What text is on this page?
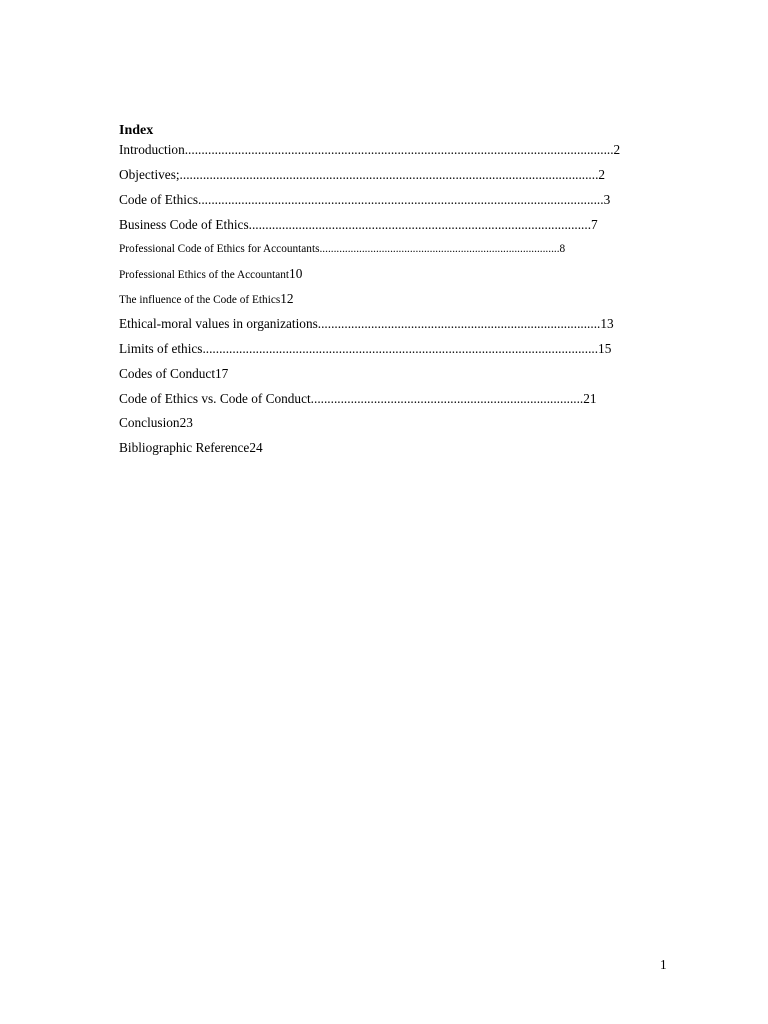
Index
Introduction.................................................................................................................................2
Objectives;..............................................................................................................................2
Code of Ethics..........................................................................................................................3
Business Code of Ethics.......................................................................................................7
Professional Code of Ethics for Accountants.....................................................................................8
Professional Ethics of the Accountant10
The influence of the Code of Ethics12
Ethical-moral values in organizations.....................................................................................13
Limits of ethics.......................................................................................................................15
Codes of Conduct17
Code of Ethics vs. Code of Conduct..................................................................................21
Conclusion23
Bibliographic Reference24
1
